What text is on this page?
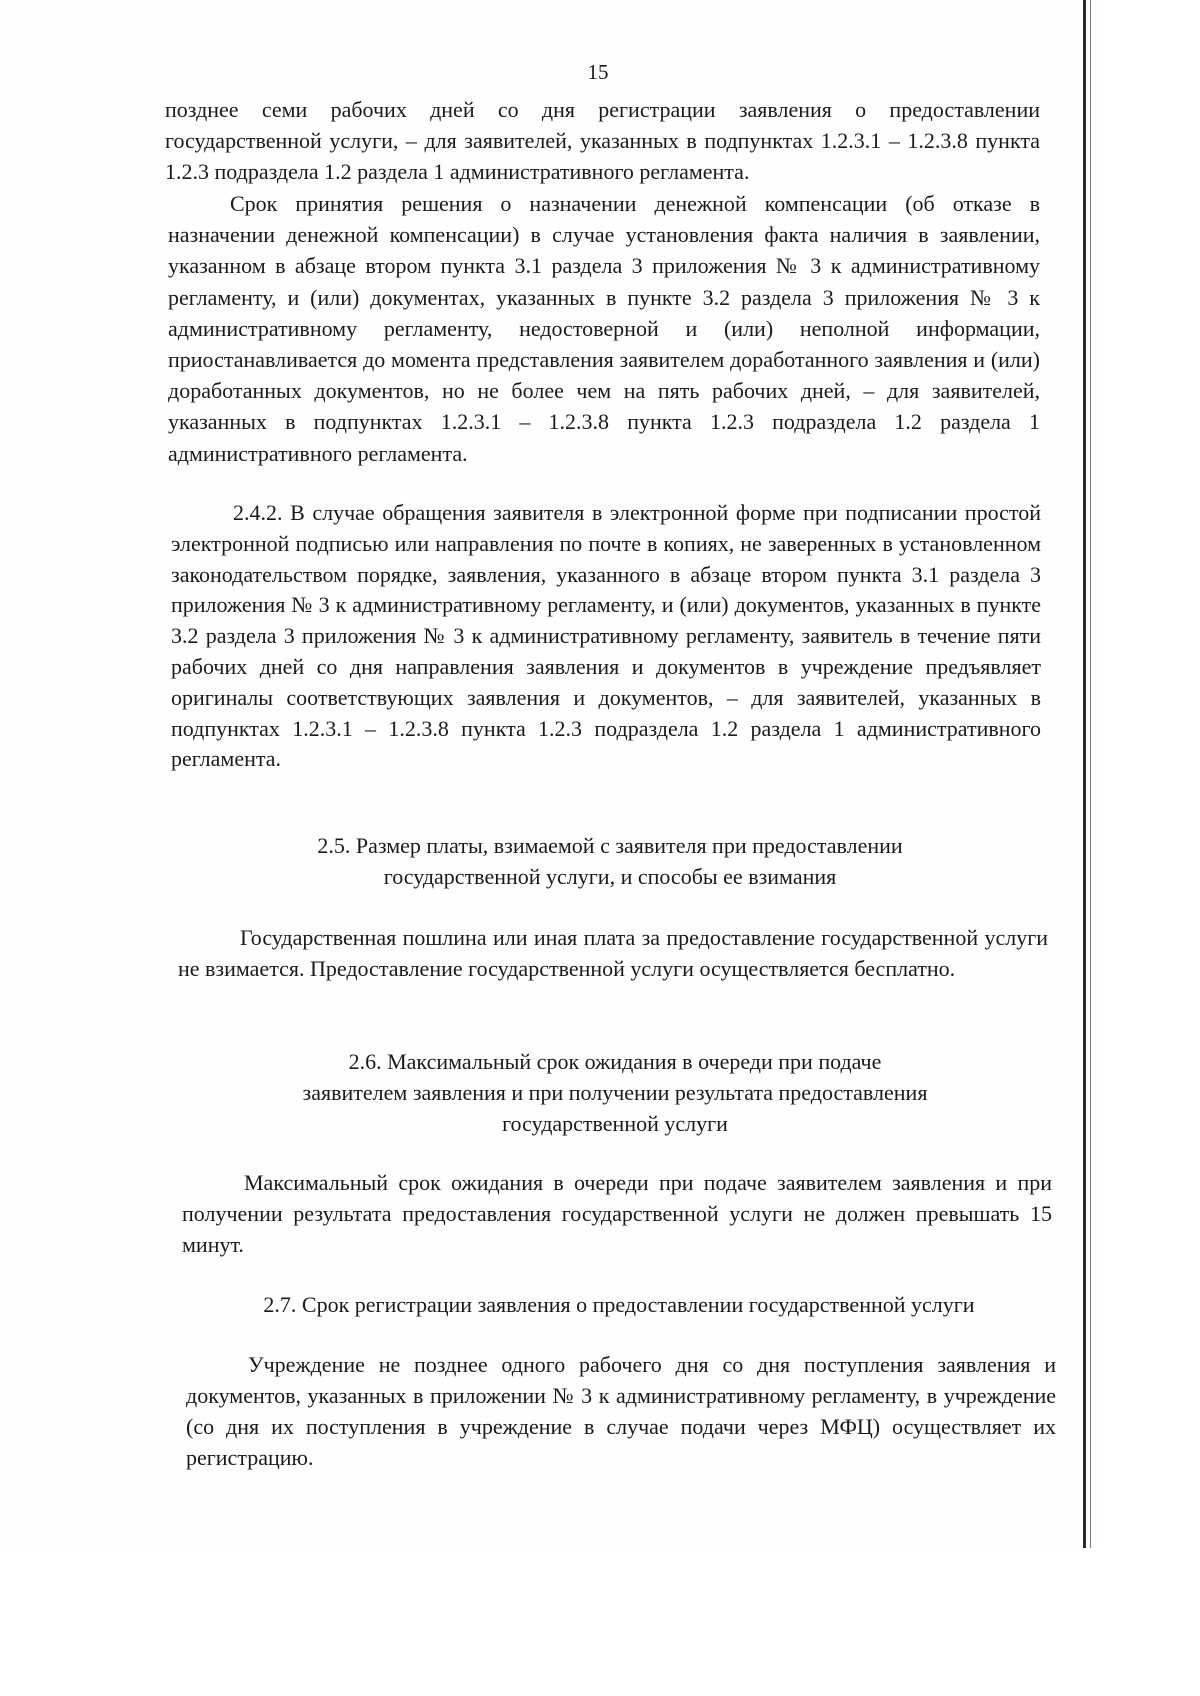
15

позднее семи рабочих дней со дня регистрации заявления о предоставлении государственной услуги, – для заявителей, указанных в подпунктах 1.2.3.1 – 1.2.3.8 пункта 1.2.3 подраздела 1.2 раздела 1 административного регламента.

Срок принятия решения о назначении денежной компенсации (об отказе в назначении денежной компенсации) в случае установления факта наличия в заявлении, указанном в абзаце втором пункта 3.1 раздела 3 приложения № 3 к административному регламенту, и (или) документах, указанных в пункте 3.2 раздела 3 приложения № 3 к административному регламенту, недостоверной и (или) неполной информации, приостанавливается до момента представления заявителем доработанного заявления и (или) доработанных документов, но не более чем на пять рабочих дней, – для заявителей, указанных в подпунктах 1.2.3.1 – 1.2.3.8 пункта 1.2.3 подраздела 1.2 раздела 1 административного регламента.

2.4.2. В случае обращения заявителя в электронной форме при подписании простой электронной подписью или направления по почте в копиях, не заверенных в установленном законодательством порядке, заявления, указанного в абзаце втором пункта 3.1 раздела 3 приложения № 3 к административному регламенту, и (или) документов, указанных в пункте 3.2 раздела 3 приложения № 3 к административному регламенту, заявитель в течение пяти рабочих дней со дня направления заявления и документов в учреждение предъявляет оригиналы соответствующих заявления и документов, – для заявителей, указанных в подпунктах 1.2.3.1 – 1.2.3.8 пункта 1.2.3 подраздела 1.2 раздела 1 административного регламента.

2.5. Размер платы, взимаемой с заявителя при предоставлении
государственной услуги, и способы ее взимания

Государственная пошлина или иная плата за предоставление государственной услуги не взимается. Предоставление государственной услуги осуществляется бесплатно.

2.6. Максимальный срок ожидания в очереди при подаче
заявителем заявления и при получении результата предоставления
государственной услуги

Максимальный срок ожидания в очереди при подаче заявителем заявления и при получении результата предоставления государственной услуги не должен превышать 15 минут.

2.7. Срок регистрации заявления о предоставлении государственной услуги

Учреждение не позднее одного рабочего дня со дня поступления заявления и документов, указанных в приложении № 3 к административному регламенту, в учреждение (со дня их поступления в учреждение в случае подачи через МФЦ) осуществляет их регистрацию.
